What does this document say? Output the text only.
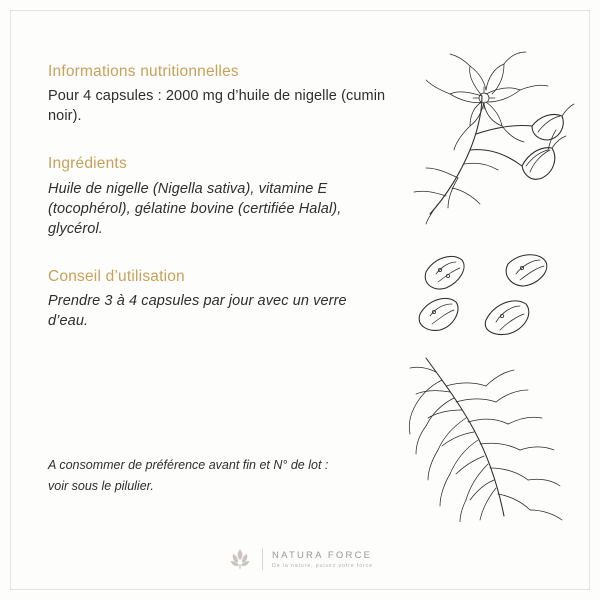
Informations nutritionnelles

Pour 4 capsules : 2000 mg d’huile de nigelle (cumin noir).

Ingrédients

Huile de nigelle (Nigella sativa), vitamine E (tocophérol), gélatine bovine (certifiée Halal), glycérol.

Conseil d’utilisation

Prendre 3 à 4 capsules par jour avec un verre d’eau.

A consommer de préférence avant fin et N° de lot :
voir sous le pilulier.
NATURA FORCE
De la nature, puisez votre force
